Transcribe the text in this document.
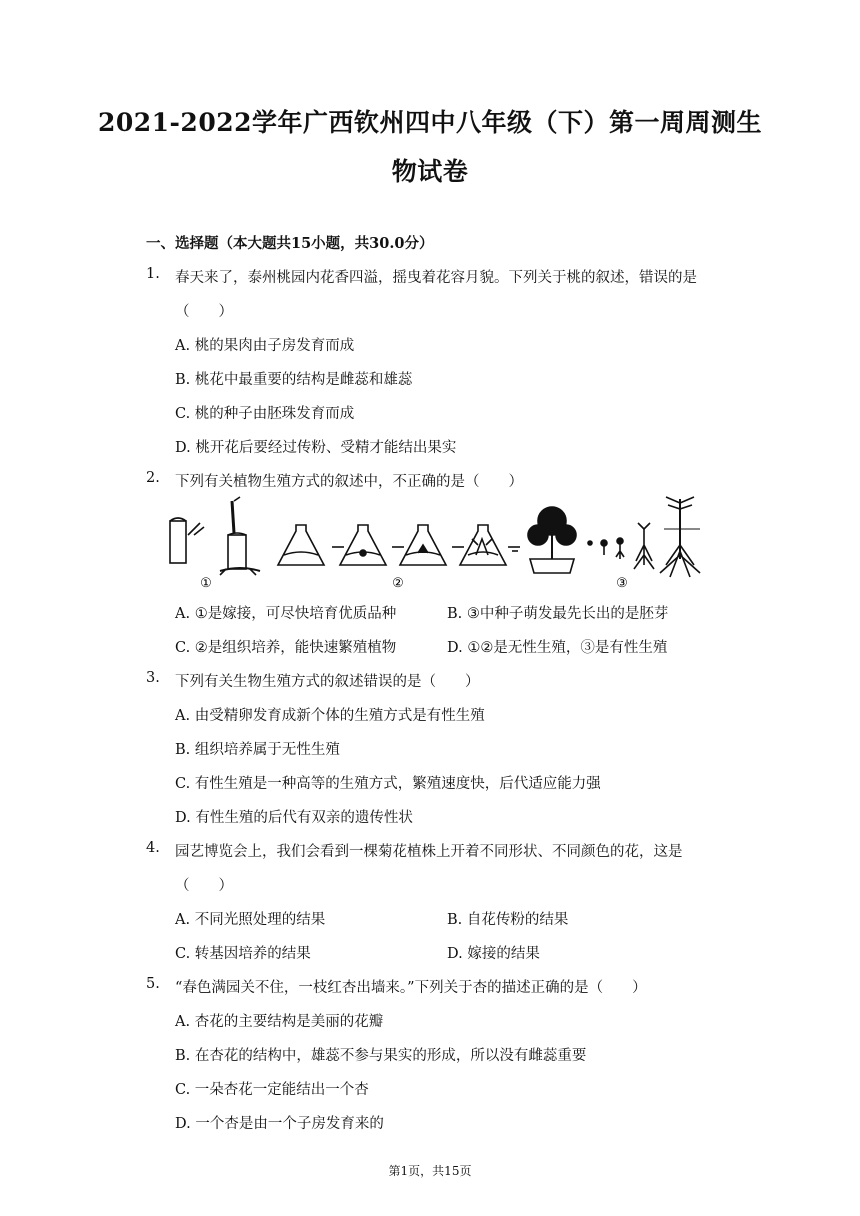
2021-2022学年广西钦州四中八年级（下）第一周周测生
物试卷
一、选择题（本大题共15小题，共30.0分）
1. 春天来了，泰州桃园内花香四溢，摇曳着花容月貌。下列关于桃的叙述，错误的是
（　　）
A. 桃的果肉由子房发育而成
B. 桃花中最重要的结构是雌蕊和雄蕊
C. 桃的种子由胚珠发育而成
D. 桃开花后要经过传粉、受精才能结出果实
2. 下列有关植物生殖方式的叙述中，不正确的是（　　）
①	②	③
A. ①是嫁接，可尽快培育优质品种	B. ③中种子萌发最先长出的是胚芽
C. ②是组织培养，能快速繁殖植物	D. ①②是无性生殖，③是有性生殖
3. 下列有关生物生殖方式的叙述错误的是（　　）
A. 由受精卵发育成新个体的生殖方式是有性生殖
B. 组织培养属于无性生殖
C. 有性生殖是一种高等的生殖方式，繁殖速度快，后代适应能力强
D. 有性生殖的后代有双亲的遗传性状
4. 园艺博览会上，我们会看到一棵菊花植株上开着不同形状、不同颜色的花，这是
（　　）
A. 不同光照处理的结果	B. 自花传粉的结果
C. 转基因培养的结果	D. 嫁接的结果
5. “春色满园关不住，一枝红杏出墙来。”下列关于杏的描述正确的是（　　）
A. 杏花的主要结构是美丽的花瓣
B. 在杏花的结构中，雄蕊不参与果实的形成，所以没有雌蕊重要
C. 一朵杏花一定能结出一个杏
D. 一个杏是由一个子房发育来的
第1页，共15页
